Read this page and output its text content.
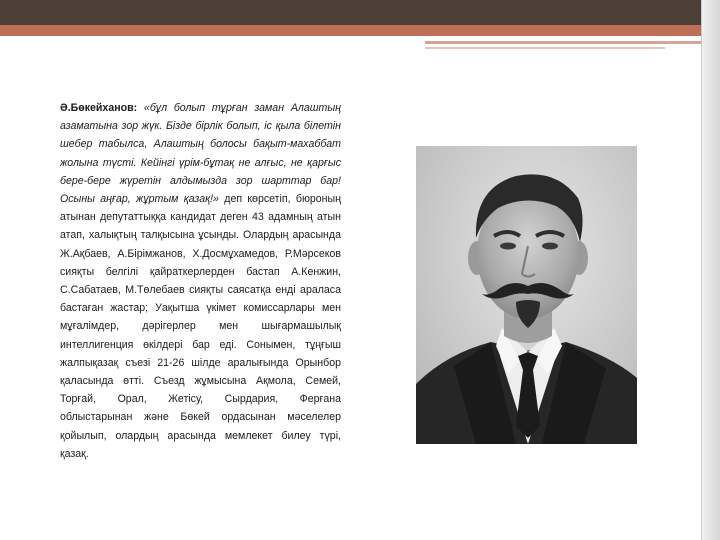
Ә.Бөкейханов: «бұл болып тұрған заман Алаштың азаматына зор жүк. Бізде бірлік болып, іс қыла білетін шебер табылса, Алаштың болосы бақыт-махаббат жолына түсті. Кейінгі үрім-бұтақ не алғыс, не қарғыс бере-бере жүретін алдымызда зор шарттар бар! Осыны аңғар, жұртым қазақ!» деп көрсетіп, бюроның атынан депутаттыққа кандидат деген 43 адамның атын атап, халықтың талқысына ұсынды. Олардың арасында Ж.Ақбаев, А.Бірімжанов, Х.Досмұхамедов, Р.Мәрсеков сияқты белгілі қайраткерлерден бастап А.Кенжин, С.Сабатаев, М.Төлебаев сияқты саясатқа енді араласа бастаған жастар; Уақытша үкімет комиссарлары мен мұғалімдер, дәрігерлер мен шығармашылық интеллигенция өкілдері бар еді. Сонымен, тұңғыш жалпықазақ съезі 21-26 шілде аралығында Орынбор қаласында өтті. Съезд жұмысына Ақмола, Семей, Торғай, Орал, Жетісу, Сырдария, Ферғана облыстарынан және Бөкей ордасынан мәселелер қойылып, олардың арасында мемлекет билеу түрі, қазақ.
